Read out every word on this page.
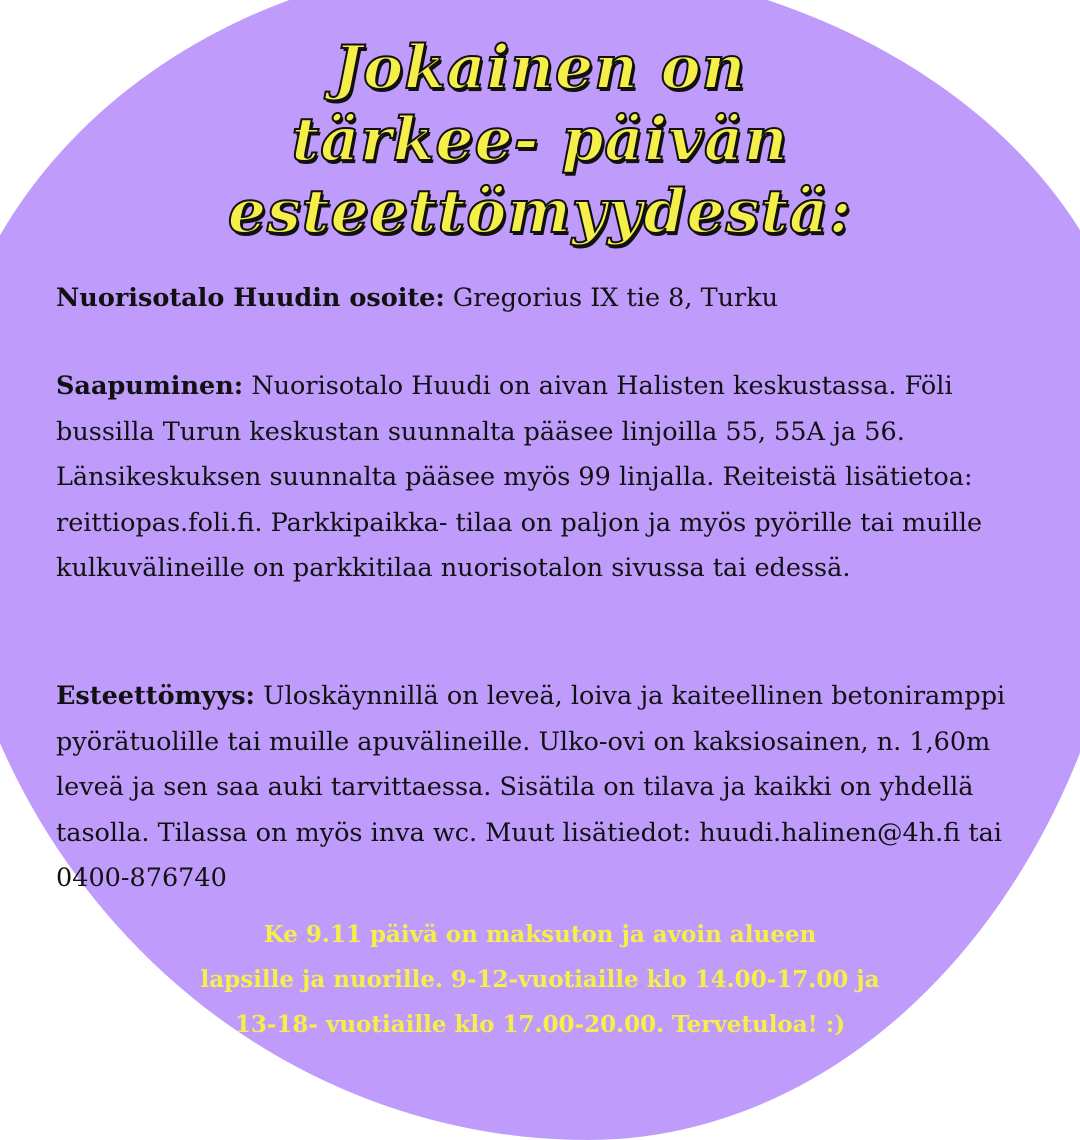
Jokainen on
tärkee- päivän
esteettömyydestä:

Nuorisotalo Huudin osoite: Gregorius IX tie 8, Turku

Saapuminen: Nuorisotalo Huudi on aivan Halisten keskustassa. Föli bussilla Turun keskustan suunnalta pääsee linjoilla 55, 55A ja 56. Länsikeskuksen suunnalta pääsee myös 99 linjalla. Reiteistä lisätietoa: reittiopas.foli.fi. Parkkipaikka- tilaa on paljon ja myös pyörille tai muille kulkuvälineille on parkkitilaa nuorisotalon sivussa tai edessä.

Esteettömyys: Uloskäynnillä on leveä, loiva ja kaiteellinen betoniramppi pyörätuolille tai muille apuvälineille. Ulko-ovi on kaksiosainen, n. 1,60m leveä ja sen saa auki tarvittaessa. Sisätila on tilava ja kaikki on yhdellä tasolla. Tilassa on myös inva wc. Muut lisätiedot: huudi.halinen@4h.fi tai 0400-876740

Ke 9.11 päivä on maksuton ja avoin alueen
lapsille ja nuorille. 9-12-vuotiaille klo 14.00-17.00 ja
13-18- vuotiaille klo 17.00-20.00. Tervetuloa! :)
